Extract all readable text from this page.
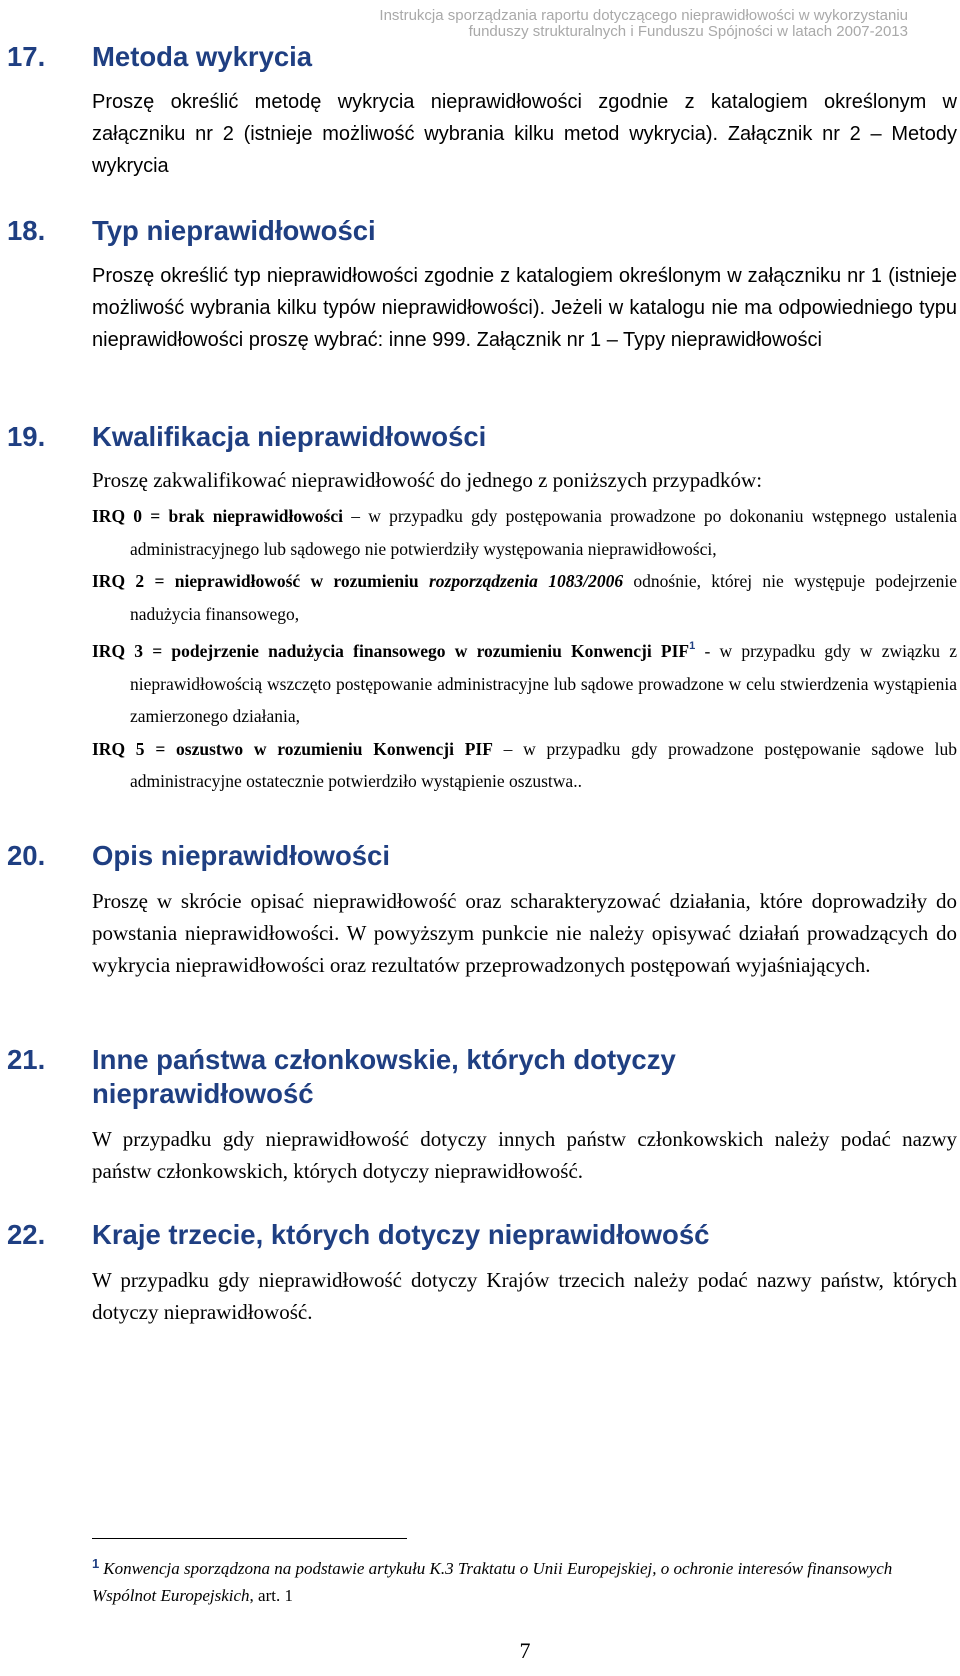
Instrukcja sporządzania raportu dotyczącego nieprawidłowości w wykorzystaniu funduszy strukturalnych i Funduszu Spójności w latach 2007-2013
17. Metoda wykrycia
Proszę określić metodę wykrycia nieprawidłowości zgodnie z katalogiem określonym w załączniku nr 2 (istnieje możliwość wybrania kilku metod wykrycia). Załącznik nr 2 – Metody wykrycia
18. Typ nieprawidłowości
Proszę określić typ nieprawidłowości zgodnie z katalogiem określonym w załączniku nr 1 (istnieje możliwość wybrania kilku typów nieprawidłowości). Jeżeli w katalogu nie ma odpowiedniego typu nieprawidłowości proszę wybrać: inne 999. Załącznik nr 1 – Typy nieprawidłowości
19. Kwalifikacja nieprawidłowości
Proszę zakwalifikować nieprawidłowość do jednego z poniższych przypadków:
IRQ 0 = brak nieprawidłowości – w przypadku gdy postępowania prowadzone po dokonaniu wstępnego ustalenia administracyjnego lub sądowego nie potwierdziły występowania nieprawidłowości,
IRQ 2 = nieprawidłowość w rozumieniu rozporządzenia 1083/2006 odnośnie, której nie występuje podejrzenie nadużycia finansowego,
IRQ 3 = podejrzenie nadużycia finansowego w rozumieniu Konwencji PIF$^1$ - w przypadku gdy w związku z nieprawidłowością wszczęto postępowanie administracyjne lub sądowe prowadzone w celu stwierdzenia wystąpienia zamierzonego działania,
IRQ 5 = oszustwo w rozumieniu Konwencji PIF – w przypadku gdy prowadzone postępowanie sądowe lub administracyjne ostatecznie potwierdziło wystąpienie oszustwa..
20. Opis nieprawidłowości
Proszę w skrócie opisać nieprawidłowość oraz scharakteryzować działania, które doprowadziły do powstania nieprawidłowości. W powyższym punkcie nie należy opisywać działań prowadzących do wykrycia nieprawidłowości oraz rezultatów przeprowadzonych postępowań wyjaśniających.
21. Inne państwa członkowskie, których dotyczy nieprawidłowość
W przypadku gdy nieprawidłowość dotyczy innych państw członkowskich należy podać nazwy państw członkowskich, których dotyczy nieprawidłowość.
22. Kraje trzecie, których dotyczy nieprawidłowość
W przypadku gdy nieprawidłowość dotyczy Krajów trzecich należy podać nazwy państw, których dotyczy nieprawidłowość.
$^1$ Konwencja sporządzona na podstawie artykułu K.3 Traktatu o Unii Europejskiej, o ochronie interesów finansowych Wspólnot Europejskich, art. 1
7
